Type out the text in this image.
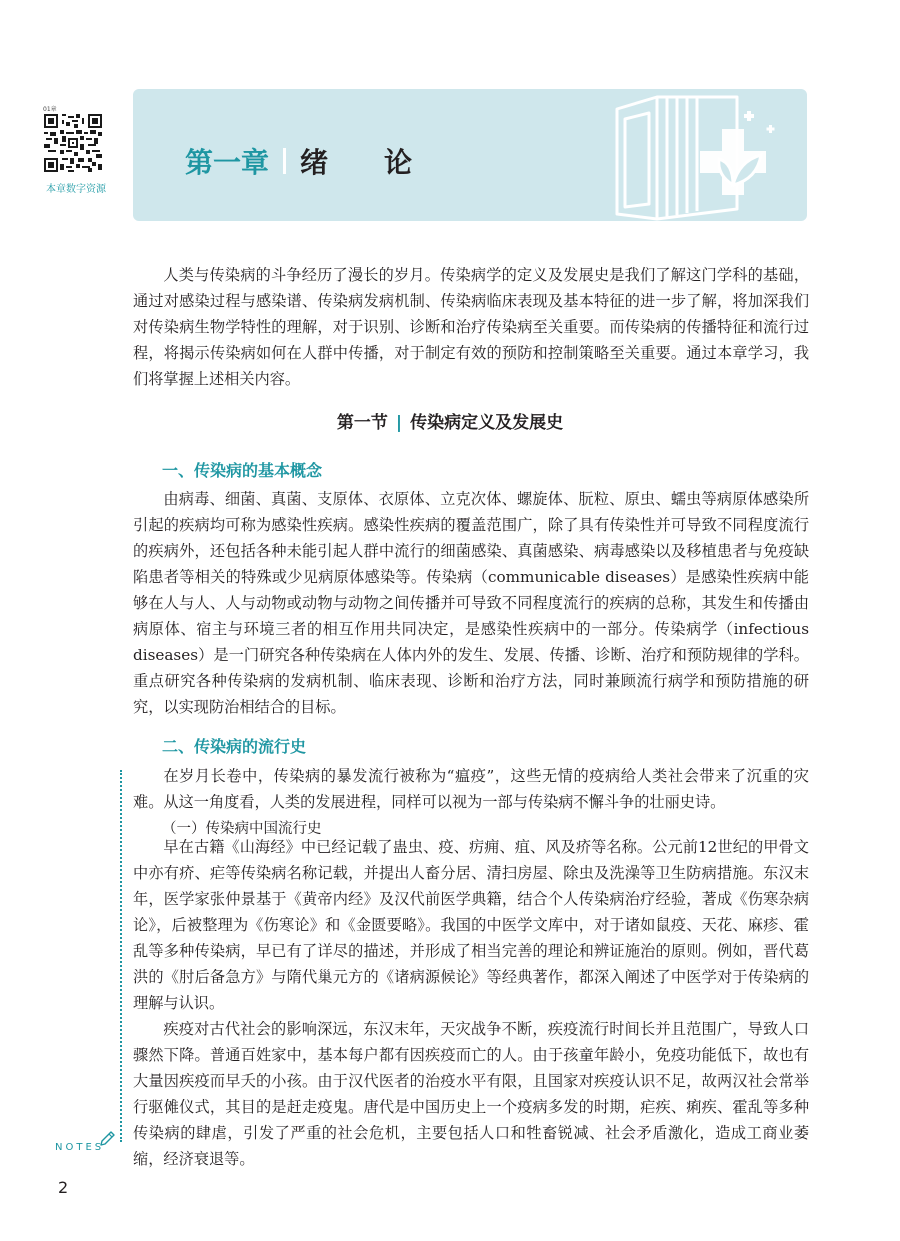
01章
本章数字资源
第一章 绪　论

人类与传染病的斗争经历了漫长的岁月。传染病学的定义及发展史是我们了解这门学科的基础，通过对感染过程与感染谱、传染病发病机制、传染病临床表现及基本特征的进一步了解，将加深我们对传染病生物学特性的理解，对于识别、诊断和治疗传染病至关重要。而传染病的传播特征和流行过程，将揭示传染病如何在人群中传播，对于制定有效的预防和控制策略至关重要。通过本章学习，我们将掌握上述相关内容。

第一节 | 传染病定义及发展史
一、传染病的基本概念

由病毒、细菌、真菌、支原体、衣原体、立克次体、螺旋体、朊粒、原虫、蠕虫等病原体感染所引起的疾病均可称为感染性疾病。感染性疾病的覆盖范围广，除了具有传染性并可导致不同程度流行的疾病外，还包括各种未能引起人群中流行的细菌感染、真菌感染、病毒感染以及移植患者与免疫缺陷患者等相关的特殊或少见病原体感染等。传染病（communicable diseases）是感染性疾病中能够在人与人、人与动物或动物与动物之间传播并可导致不同程度流行的疾病的总称，其发生和传播由病原体、宿主与环境三者的相互作用共同决定，是感染性疾病中的一部分。传染病学（infectious diseases）是一门研究各种传染病在人体内外的发生、发展、传播、诊断、治疗和预防规律的学科。重点研究各种传染病的发病机制、临床表现、诊断和治疗方法，同时兼顾流行病学和预防措施的研究，以实现防治相结合的目标。

二、传染病的流行史

在岁月长卷中，传染病的暴发流行被称为“瘟疫”，这些无情的疫病给人类社会带来了沉重的灾难。从这一角度看，人类的发展进程，同样可以视为一部与传染病不懈斗争的壮丽史诗。

（一）传染病中国流行史

早在古籍《山海经》中已经记载了蛊虫、疫、疠痈、疽、风及疥等名称。公元前12世纪的甲骨文中亦有疥、疟等传染病名称记载，并提出人畜分居、清扫房屋、除虫及洗澡等卫生防病措施。东汉末年，医学家张仲景基于《黄帝内经》及汉代前医学典籍，结合个人传染病治疗经验，著成《伤寒杂病论》，后被整理为《伤寒论》和《金匮要略》。我国的中医学文库中，对于诸如鼠疫、天花、麻疹、霍乱等多种传染病，早已有了详尽的描述，并形成了相当完善的理论和辨证施治的原则。例如，晋代葛洪的《肘后备急方》与隋代巢元方的《诸病源候论》等经典著作，都深入阐述了中医学对于传染病的理解与认识。

疾疫对古代社会的影响深远，东汉末年，天灾战争不断，疾疫流行时间长并且范围广，导致人口骤然下降。普通百姓家中，基本每户都有因疾疫而亡的人。由于孩童年龄小，免疫功能低下，故也有大量因疾疫而早夭的小孩。由于汉代医者的治疫水平有限，且国家对疾疫认识不足，故两汉社会常举行驱傩仪式，其目的是赶走疫鬼。唐代是中国历史上一个疫病多发的时期，疟疾、痢疾、霍乱等多种传染病的肆虐，引发了严重的社会危机，主要包括人口和牲畜锐减、社会矛盾激化，造成工商业萎缩，经济衰退等。

NOTES
2
